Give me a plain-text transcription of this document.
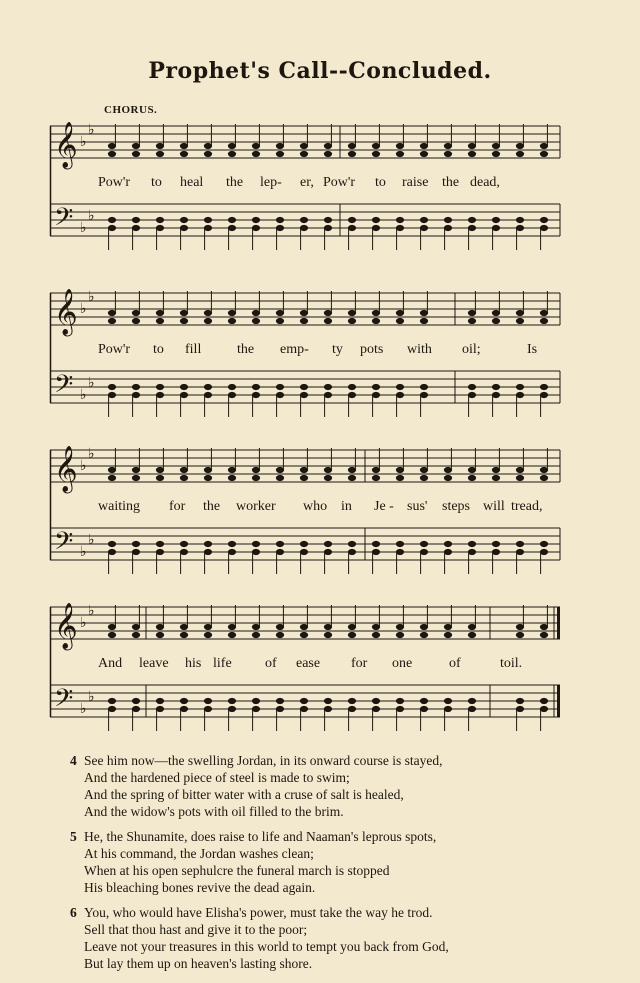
Prophet's Call--Concluded.
CHORUS.
𝄞
𝄢
♭
♭
♭
♭
Pow'r to heal the lep- er, Pow'r to raise the dead,
𝄞
𝄢
♭
♭
♭
♭
Pow'r to fill	the emp- ty pots with oil;	Is
𝄞
𝄢
♭
♭
♭
♭
waiting for the worker who in Je - sus' steps will tread,
𝄞
𝄢
♭
♭
♭
♭
And leave his life of ease for one	of	toil.
4 See him now—the swelling Jordan, in its onward course is stayed,
And the hardened piece of steel is made to swim;
And the spring of bitter water with a cruse of salt is healed,
And the widow's pots with oil filled to the brim.
5 He, the Shunamite, does raise to life and Naaman's leprous spots,
At his command, the Jordan washes clean;
When at his open sephulcre the funeral march is stopped
His bleaching bones revive the dead again.
6 You, who would have Elisha's power, must take the way he trod.
Sell that thou hast and give it to the poor;
Leave not your treasures in this world to tempt you back from God,
But lay them up on heaven's lasting shore.
